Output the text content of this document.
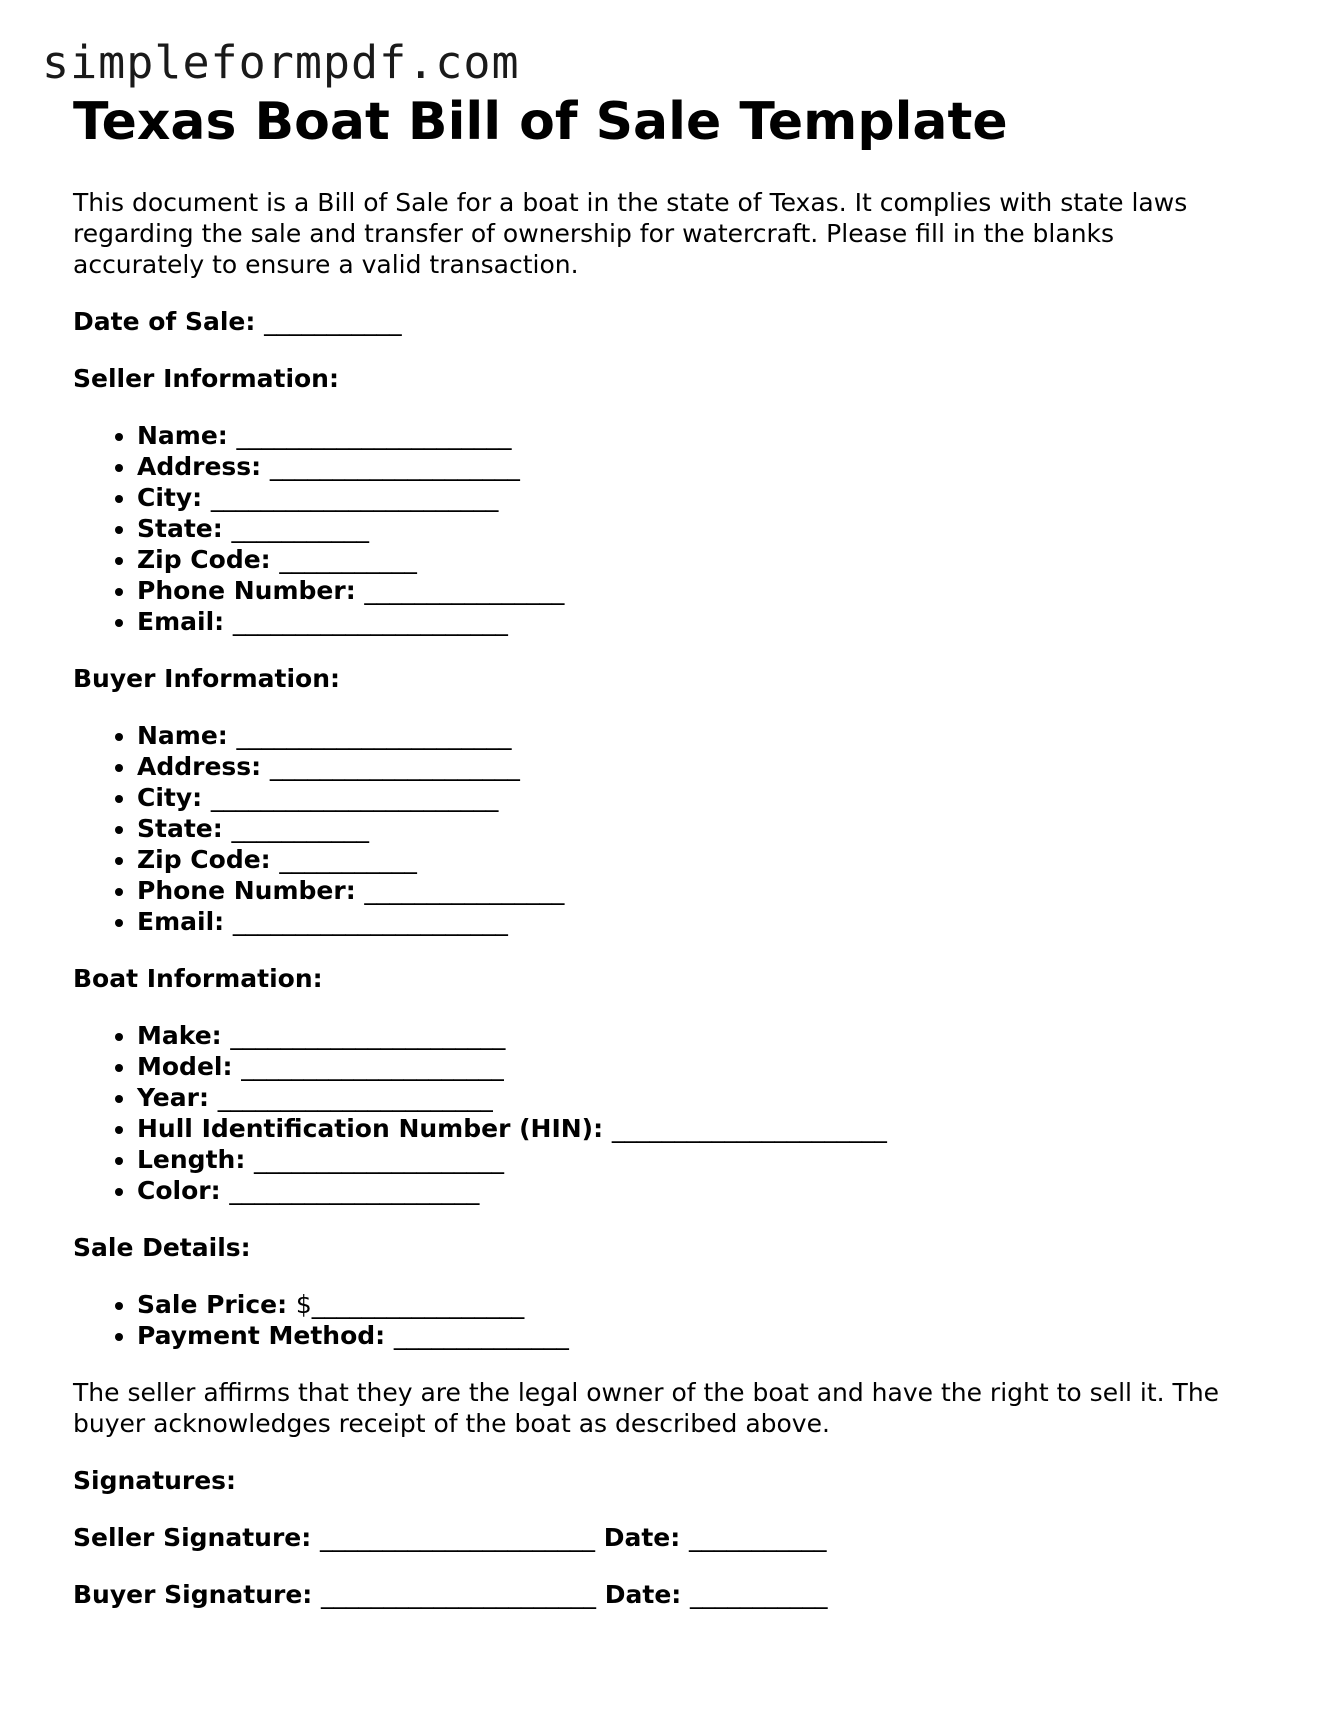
simpleformpdf.com
Texas Boat Bill of Sale Template

This document is a Bill of Sale for a boat in the state of Texas. It complies with state laws regarding the sale and transfer of ownership for watercraft. Please fill in the blanks accurately to ensure a valid transaction.

Date of Sale: ___________
Seller Information:
• Name: ______________________
• Address: ____________________
• City: _______________________
• State: ___________
• Zip Code: ___________
• Phone Number: ________________
• Email: ______________________
Buyer Information:
• Name: ______________________
• Address: ____________________
• City: _______________________
• State: ___________
• Zip Code: ___________
• Phone Number: ________________
• Email: ______________________
Boat Information:
• Make: ______________________
• Model: _____________________
• Year: ______________________
• Hull Identification Number (HIN): ______________________
• Length: ____________________
• Color: ____________________
Sale Details:
• Sale Price: $_________________
• Payment Method: ______________

The seller affirms that they are the legal owner of the boat and have the right to sell it. The buyer acknowledges receipt of the boat as described above.

Signatures:
Seller Signature: ______________________ Date: ___________
Buyer Signature: ______________________ Date: ___________
